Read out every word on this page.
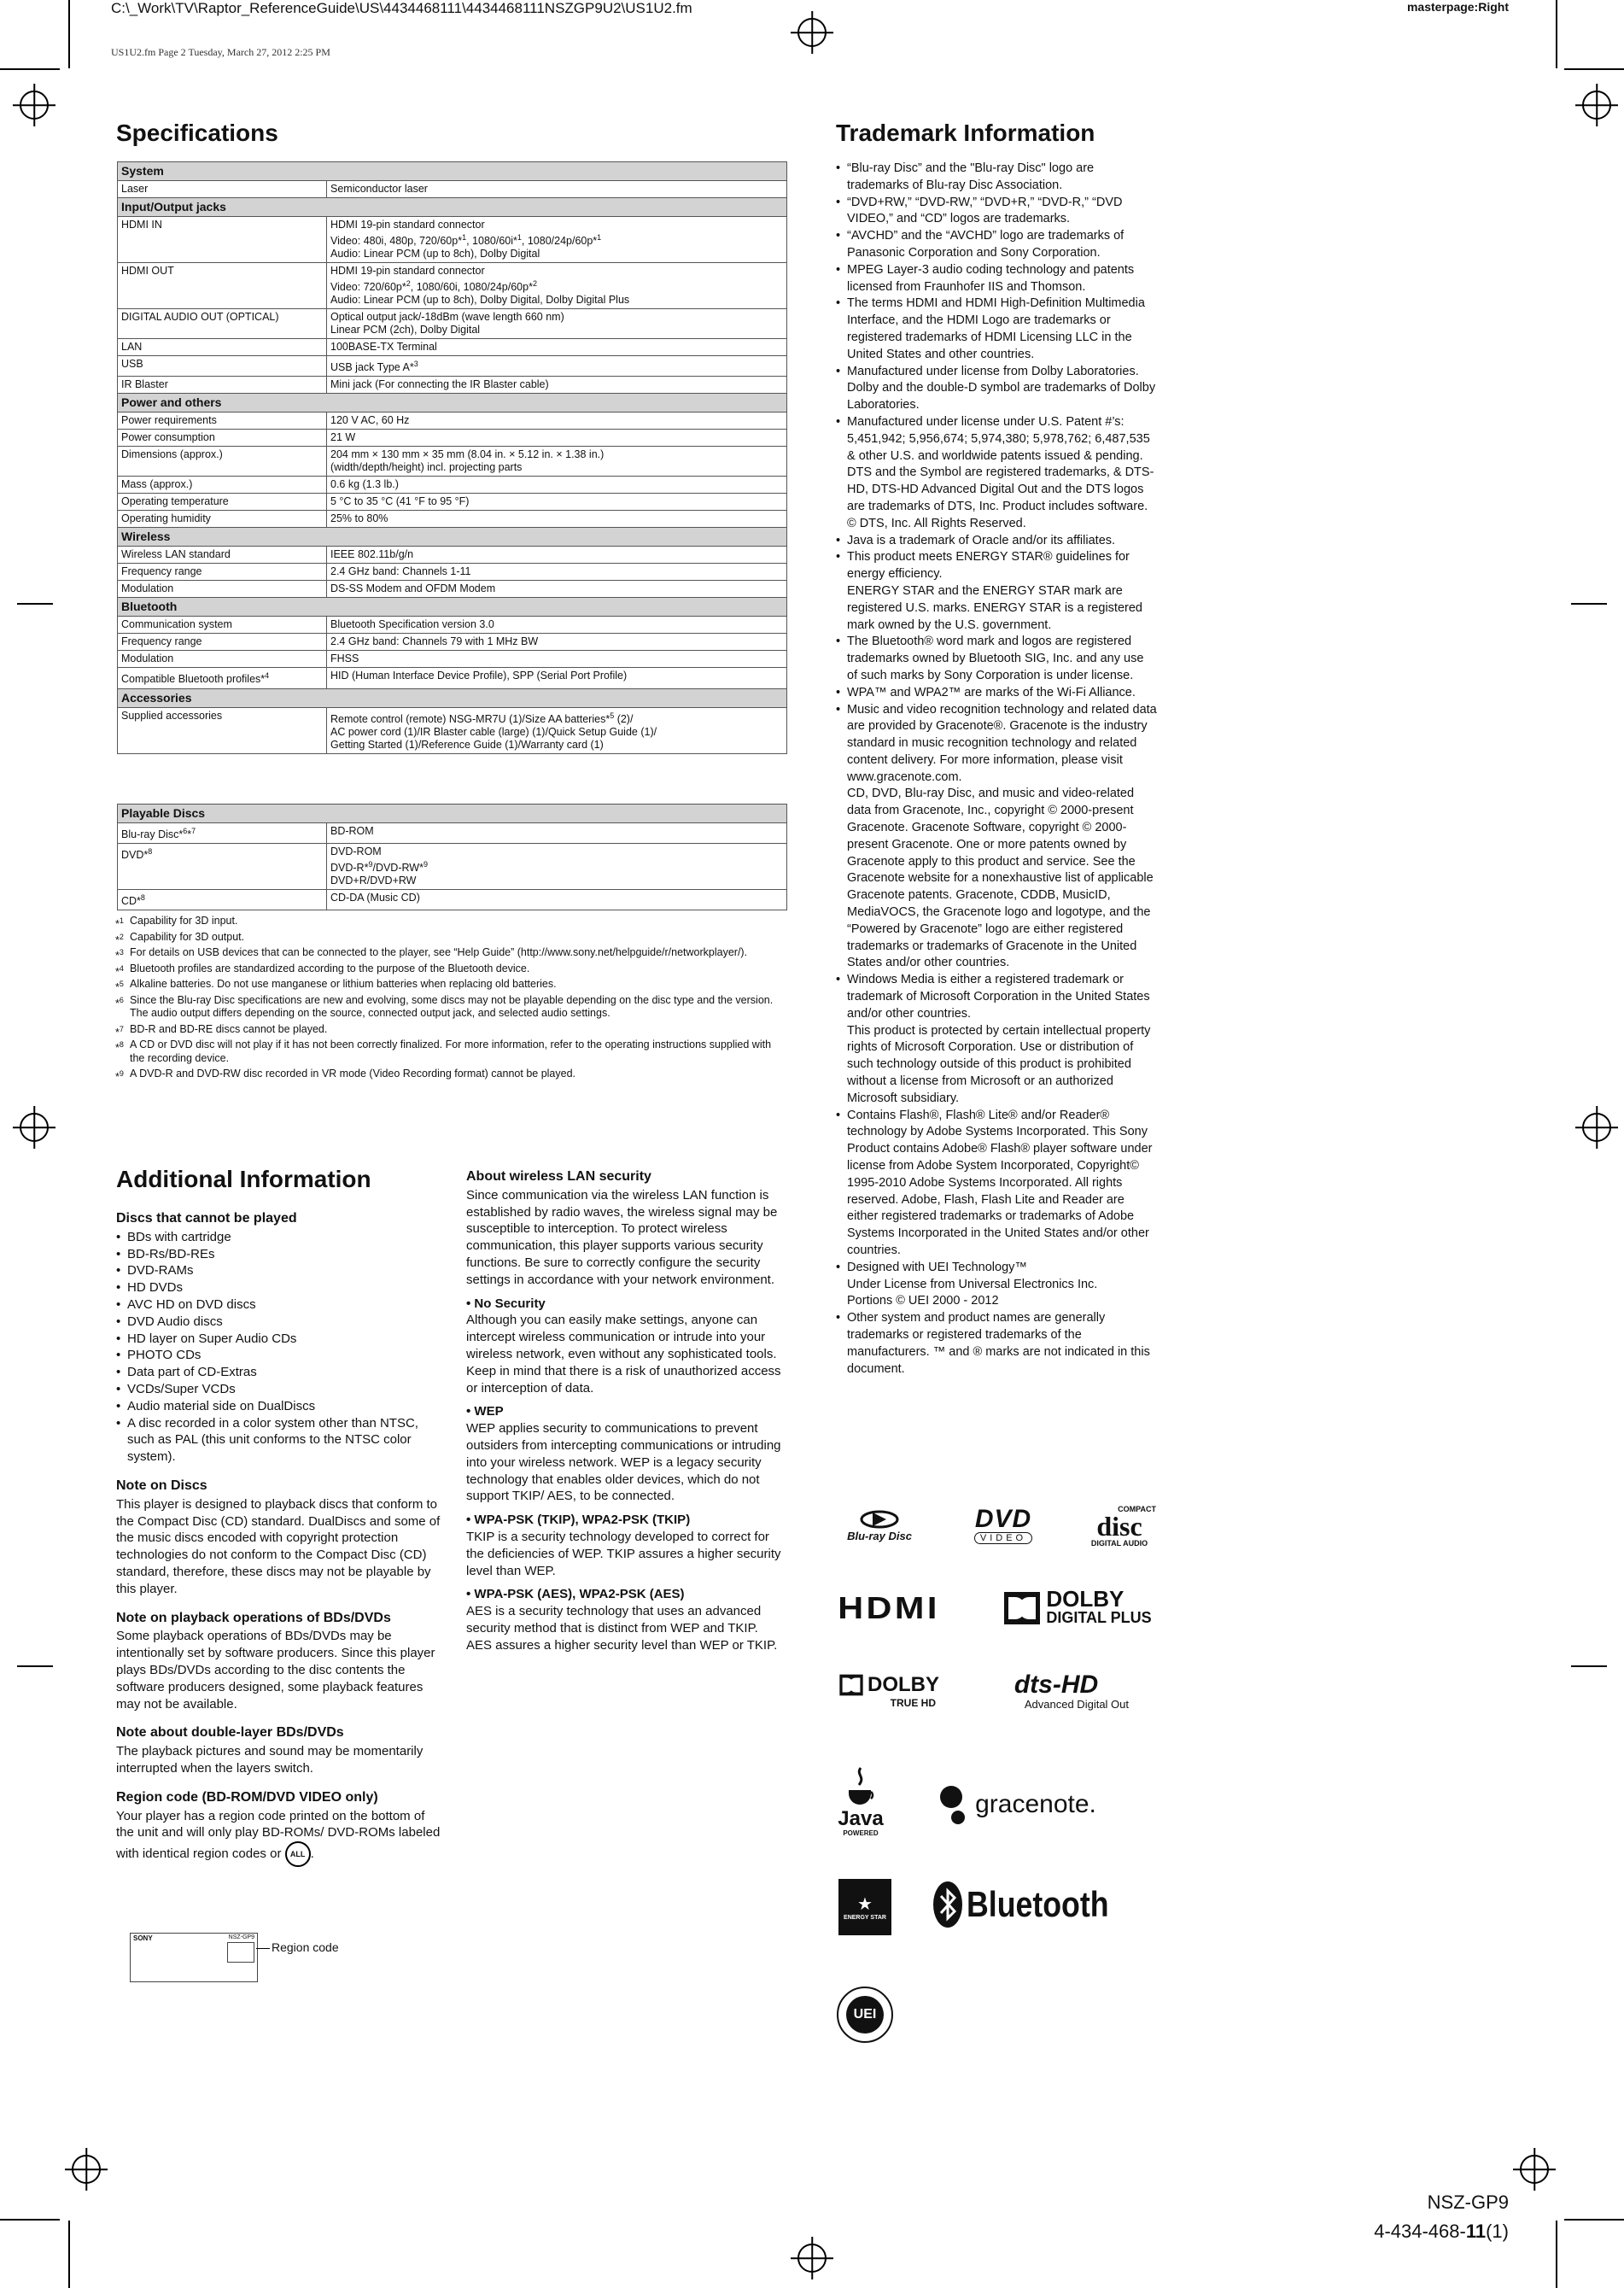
C:\_Work\TV\Raptor_ReferenceGuide\US\4434468111\4434468111NSZGP9U2\US1U2.fm	masterpage:Right
US1U2.fm Page 2 Tuesday, March 27, 2012 2:25 PM
Specifications
System	
Laser	Semiconductor laser
Input/Output jacks	
HDMI IN	HDMI 19-pin standard connector
Video: 480i, 480p, 720/60p*$^1$, 1080/60i*$^1$, 1080/24p/60p*$^1$
Audio: Linear PCM (up to 8ch), Dolby Digital
HDMI OUT	HDMI 19-pin standard connector
Video: 720/60p*$^2$, 1080/60i, 1080/24p/60p*$^2$
Audio: Linear PCM (up to 8ch), Dolby Digital, Dolby Digital Plus
DIGITAL AUDIO OUT (OPTICAL)	Optical output jack/-18dBm (wave length 660 nm)
Linear PCM (2ch), Dolby Digital
LAN	100BASE-TX Terminal
USB	USB jack Type A*$^3$
IR Blaster	Mini jack (For connecting the IR Blaster cable)
Power and others	
Power requirements	120 V AC, 60 Hz
Power consumption	21 W
Dimensions (approx.)	204 mm × 130 mm × 35 mm (8.04 in. × 5.12 in. × 1.38 in.)
(width/depth/height) incl. projecting parts
Mass (approx.)	0.6 kg (1.3 lb.)
Operating temperature	5 °C to 35 °C (41 °F to 95 °F)
Operating humidity	25% to 80%
Wireless	
Wireless LAN standard	IEEE 802.11b/g/n
Frequency range	2.4 GHz band: Channels 1-11
Modulation	DS-SS Modem and OFDM Modem
Bluetooth	
Communication system	Bluetooth Specification version 3.0
Frequency range	2.4 GHz band: Channels 79 with 1 MHz BW
Modulation	FHSS
Compatible Bluetooth profiles*$^4$	HID (Human Interface Device Profile), SPP (Serial Port Profile)
Accessories	
Supplied accessories	Remote control (remote) NSG-MR7U (1)/Size AA batteries*$^5$ (2)/
AC power cord (1)/IR Blaster cable (large) (1)/Quick Setup Guide (1)/
Getting Started (1)/Reference Guide (1)/Warranty card (1)
Playable Discs	
Blu-ray Disc*$^6$*$^7$	BD-ROM
DVD*$^8$	DVD-ROM
DVD-R*$^9$/DVD-RW*$^9$
DVD+R/DVD+RW
CD*$^8$	CD-DA (Music CD)
*$^1$ Capability for 3D input.
*$^2$ Capability for 3D output.
*$^3$ For details on USB devices that can be connected to the player, see “Help Guide” (http://www.sony.net/helpguide/r/networkplayer/).
*$^4$ Bluetooth profiles are standardized according to the purpose of the Bluetooth device.
*$^5$ Alkaline batteries. Do not use manganese or lithium batteries when replacing old batteries.
*$^6$ Since the Blu-ray Disc specifications are new and evolving, some discs may not be playable depending on the disc type and the version.
The audio output differs depending on the source, connected output jack, and selected audio settings.
*$^7$ BD-R and BD-RE discs cannot be played.
*$^8$ A CD or DVD disc will not play if it has not been correctly finalized. For more information, refer to the operating instructions supplied with the recording device.
*$^9$ A DVD-R and DVD-RW disc recorded in VR mode (Video Recording format) cannot be played.
Additional Information
Discs that cannot be played
• BDs with cartridge
• BD-Rs/BD-REs
• DVD-RAMs
• HD DVDs
• AVC HD on DVD discs
• DVD Audio discs
• HD layer on Super Audio CDs
• PHOTO CDs
• Data part of CD-Extras
• VCDs/Super VCDs
• Audio material side on DualDiscs
• A disc recorded in a color system other than NTSC, such as PAL (this unit conforms to the NTSC color system).
Note on Discs

This player is designed to playback discs that conform to the Compact Disc (CD) standard. DualDiscs and some of the music discs encoded with copyright protection technologies do not conform to the Compact Disc (CD) standard, therefore, these discs may not be playable by this player.

Note on playback operations of BDs/DVDs

Some playback operations of BDs/DVDs may be intentionally set by software producers. Since this player plays BDs/DVDs according to the disc contents the software producers designed, some playback features may not be available.

Note about double-layer BDs/DVDs

The playback pictures and sound may be momentarily interrupted when the layers switch.

Region code (BD-ROM/DVD VIDEO only)

Your player has a region code printed on the bottom of the unit and will only play BD-ROMs/ DVD-ROMs labeled with identical region codes or ALL .

SONY	NSZ-GP9
Region code
About wireless LAN security

Since communication via the wireless LAN function is established by radio waves, the wireless signal may be susceptible to interception. To protect wireless communication, this player supports various security functions. Be sure to correctly configure the security settings in accordance with your network environment.

• No Security

Although you can easily make settings, anyone can intercept wireless communication or intrude into your wireless network, even without any sophisticated tools. Keep in mind that there is a risk of unauthorized access or interception of data.

• WEP

WEP applies security to communications to prevent outsiders from intercepting communications or intruding into your wireless network. WEP is a legacy security technology that enables older devices, which do not support TKIP/ AES, to be connected.

• WPA-PSK (TKIP), WPA2-PSK (TKIP)

TKIP is a security technology developed to correct for the deficiencies of WEP. TKIP assures a higher security level than WEP.

• WPA-PSK (AES), WPA2-PSK (AES)

AES is a security technology that uses an advanced security method that is distinct from WEP and TKIP.
AES assures a higher security level than WEP or TKIP.

Trademark Information
• “Blu-ray Disc” and the "Blu-ray Disc" logo are trademarks of Blu-ray Disc Association.
• “DVD+RW,” “DVD-RW,” “DVD+R,” “DVD-R,” “DVD VIDEO,” and “CD” logos are trademarks.
• “AVCHD” and the “AVCHD” logo are trademarks of Panasonic Corporation and Sony Corporation.
• MPEG Layer-3 audio coding technology and patents licensed from Fraunhofer IIS and Thomson.
• The terms HDMI and HDMI High-Definition Multimedia Interface, and the HDMI Logo are trademarks or registered trademarks of HDMI Licensing LLC in the United States and other countries.
• Manufactured under license from Dolby Laboratories. Dolby and the double-D symbol are trademarks of Dolby Laboratories.
• Manufactured under license under U.S. Patent #’s: 5,451,942; 5,956,674; 5,974,380; 5,978,762; 6,487,535 & other U.S. and worldwide patents issued & pending. DTS and the Symbol are registered trademarks, & DTS-HD, DTS-HD Advanced Digital Out and the DTS logos are trademarks of DTS, Inc. Product includes software. © DTS, Inc. All Rights Reserved.
• Java is a trademark of Oracle and/or its affiliates.
• This product meets ENERGY STAR® guidelines for energy efficiency.
ENERGY STAR and the ENERGY STAR mark are registered U.S. marks. ENERGY STAR is a registered mark owned by the U.S. government.
• The Bluetooth® word mark and logos are registered trademarks owned by Bluetooth SIG, Inc. and any use of such marks by Sony Corporation is under license.
• WPA™ and WPA2™ are marks of the Wi-Fi Alliance.
• Music and video recognition technology and related data are provided by Gracenote®. Gracenote is the industry standard in music recognition technology and related content delivery. For more information, please visit www.gracenote.com.
CD, DVD, Blu-ray Disc, and music and video-related data from Gracenote, Inc., copyright © 2000-present Gracenote. Gracenote Software, copyright © 2000-present Gracenote. One or more patents owned by Gracenote apply to this product and service. See the Gracenote website for a nonexhaustive list of applicable Gracenote patents. Gracenote, CDDB, MusicID, MediaVOCS, the Gracenote logo and logotype, and the “Powered by Gracenote” logo are either registered trademarks or trademarks of Gracenote in the United States and/or other countries.
• Windows Media is either a registered trademark or trademark of Microsoft Corporation in the United States and/or other countries.
This product is protected by certain intellectual property rights of Microsoft Corporation. Use or distribution of such technology outside of this product is prohibited without a license from Microsoft or an authorized Microsoft subsidiary.
• Contains Flash®, Flash® Lite® and/or Reader® technology by Adobe Systems Incorporated. This Sony Product contains Adobe® Flash® player software under license from Adobe System Incorporated, Copyright© 1995-2010 Adobe Systems Incorporated. All rights reserved. Adobe, Flash, Flash Lite and Reader are either registered trademarks or trademarks of Adobe Systems Incorporated in the United States and/or other countries.
• Designed with UEI Technology™
Under License from Universal Electronics Inc.
Portions © UEI 2000 - 2012
• Other system and product names are generally trademarks or registered trademarks of the manufacturers. ™ and ® marks are not indicated in this document.
Blu-ray Disc
DVD
VIDEO
COMPACT
disc
DIGITAL AUDIO
HDMI	DOLBY
DIGITAL PLUS
DOLBY
TRUE HD
dts-HD
Advanced Digital Out
Java
POWERED
gracenote.
★
ENERGY STAR Bluetooth
UEI
NSZ-GP9
4-434-468-11(1)
